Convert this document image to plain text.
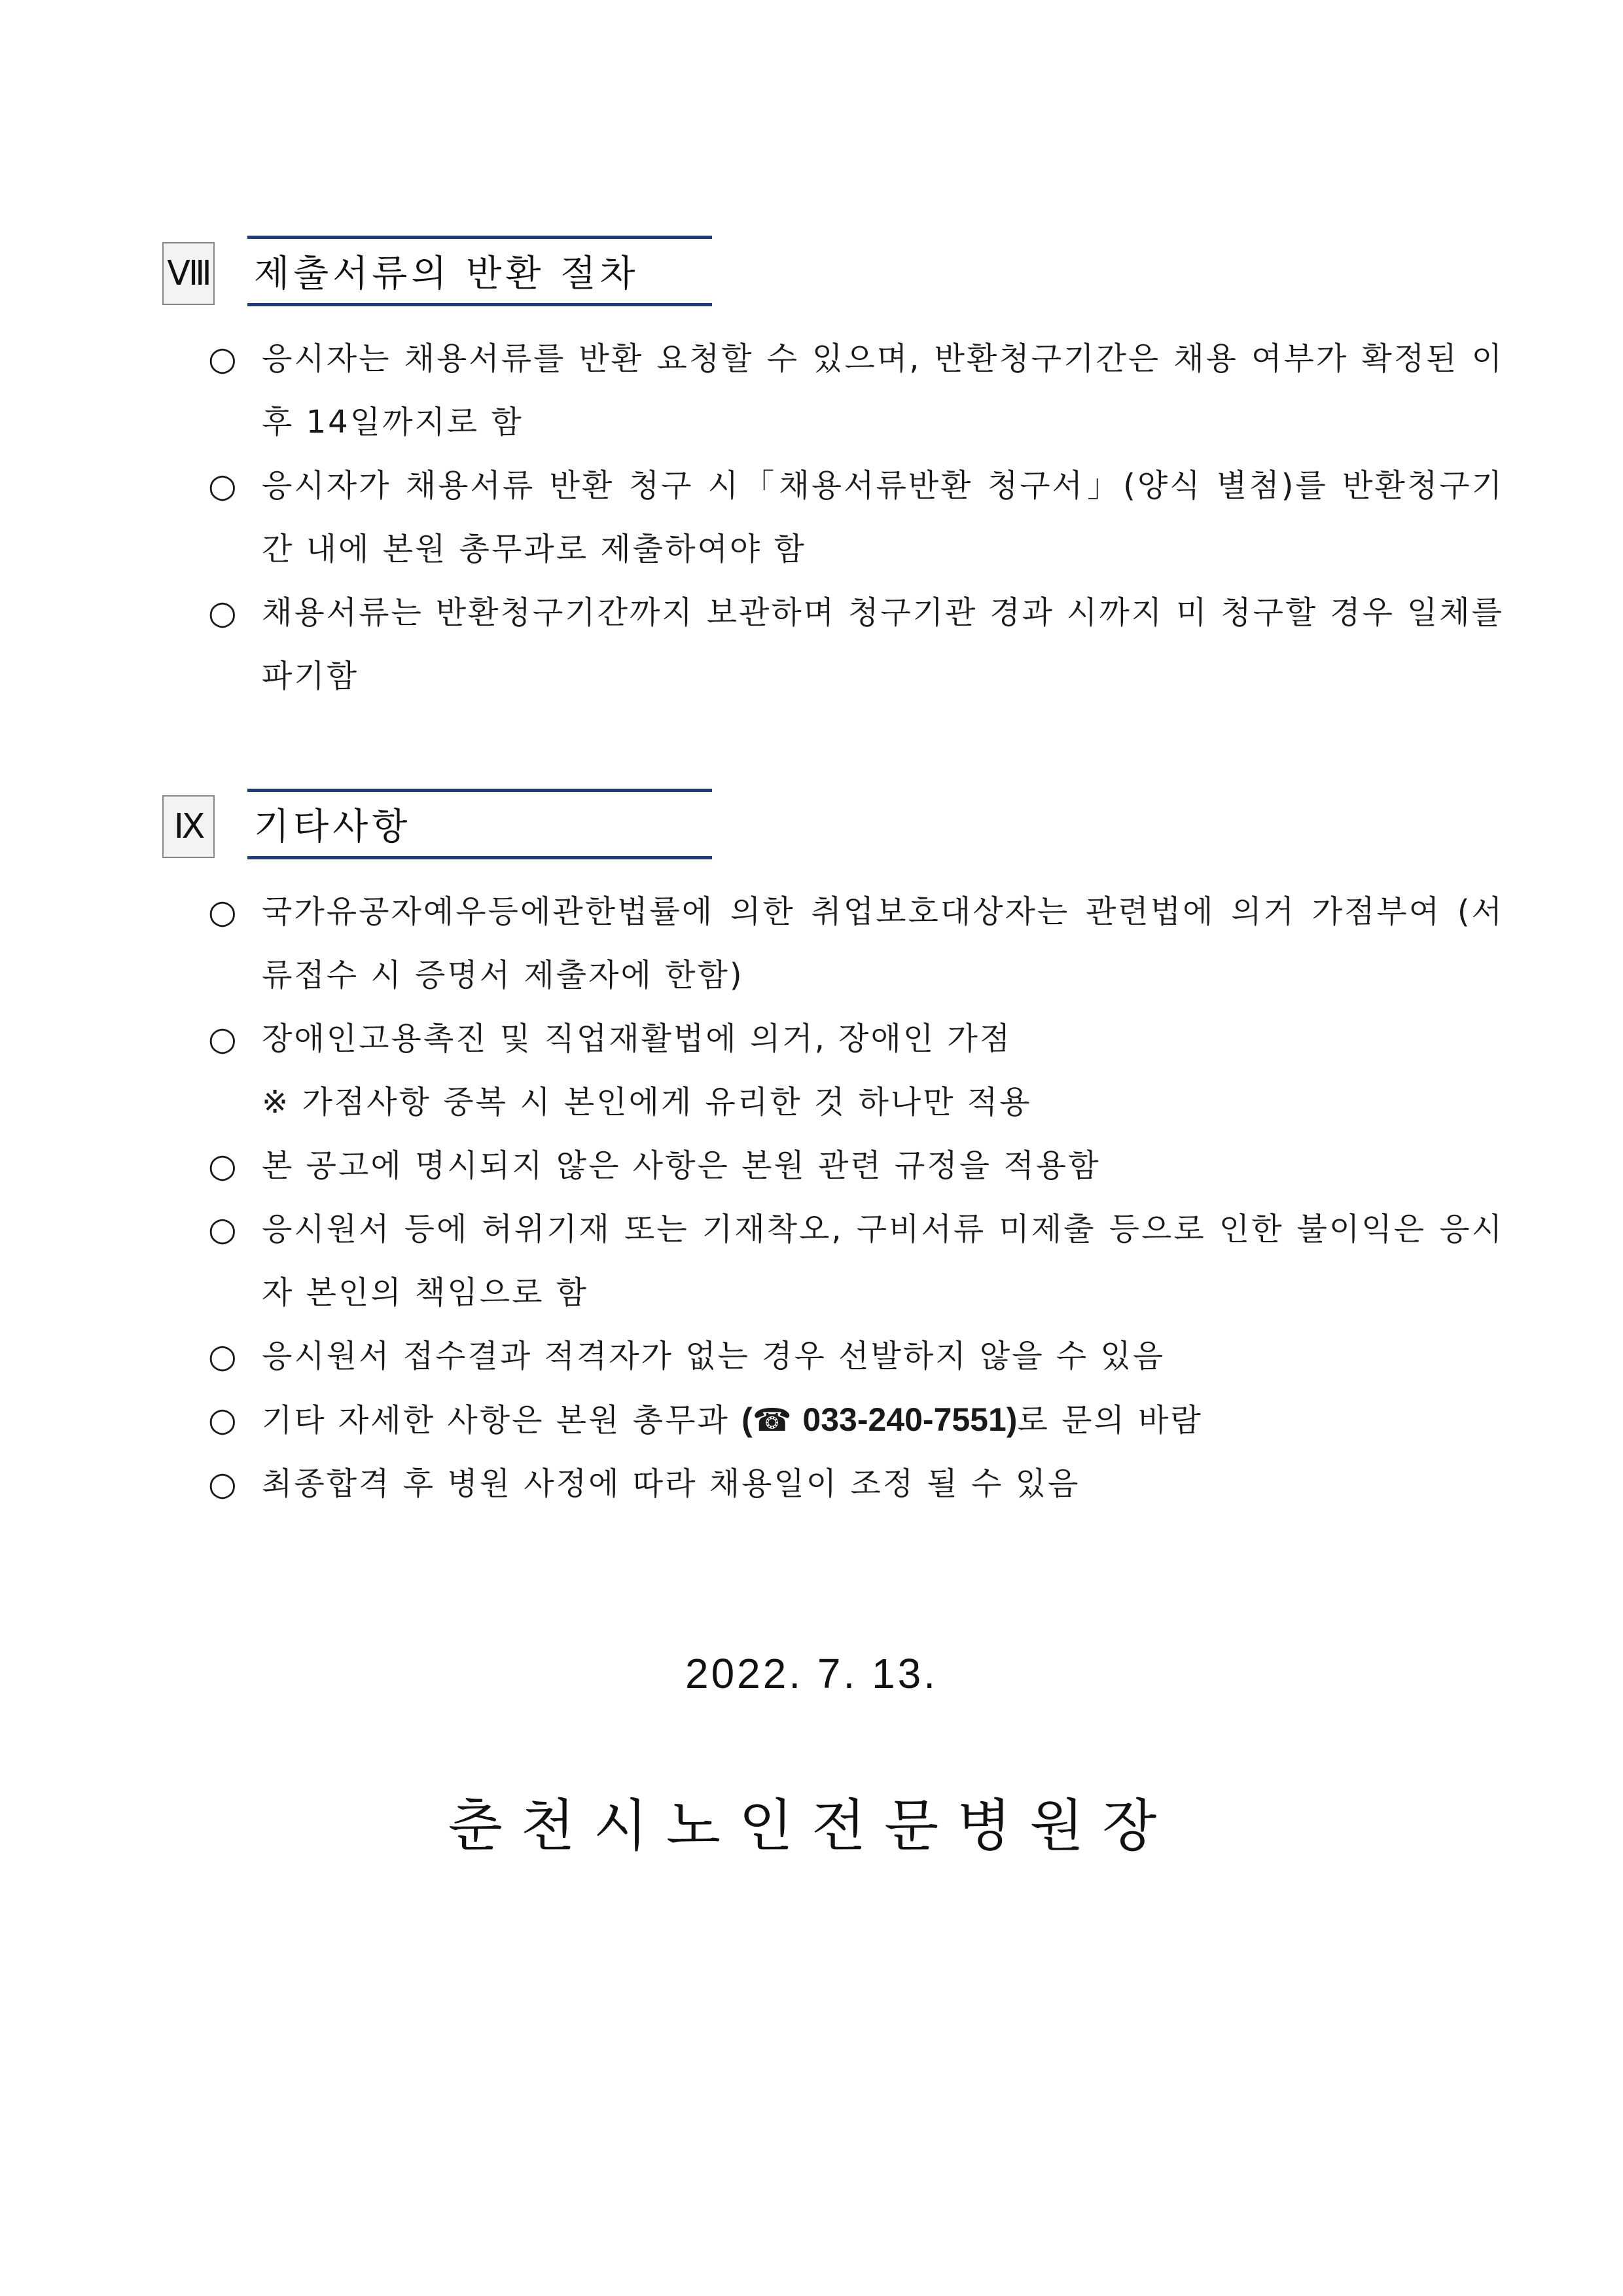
Ⅷ 제출서류의 반환 절차
○ 응시자는 채용서류를 반환 요청할 수 있으며, 반환청구기간은 채용 여부가 확정된 이후 14일까지로 함
○ 응시자가 채용서류 반환 청구 시「채용서류반환 청구서」(양식 별첨)를 반환청구기간 내에 본원 총무과로 제출하여야 함
○ 채용서류는 반환청구기간까지 보관하며 청구기관 경과 시까지 미 청구할 경우 일체를 파기함
Ⅸ	기타사항
○ 국가유공자예우등에관한법률에 의한 취업보호대상자는 관련법에 의거 가점부여 (서류접수 시 증명서 제출자에 한함)
○ 장애인고용촉진 및 직업재활법에 의거, 장애인 가점
※ 가점사항 중복 시 본인에게 유리한 것 하나만 적용
○ 본 공고에 명시되지 않은 사항은 본원 관련 규정을 적용함
○ 응시원서 등에 허위기재 또는 기재착오, 구비서류 미제출 등으로 인한 불이익은 응시자 본인의 책임으로 함
○ 응시원서 접수결과 적격자가 없는 경우 선발하지 않을 수 있음
○ 기타 자세한 사항은 본원 총무과 (☎ 033-240-7551)로 문의 바람
○ 최종합격 후 병원 사정에 따라 채용일이 조정 될 수 있음
2022. 7. 13.
춘천시노인전문병원장
